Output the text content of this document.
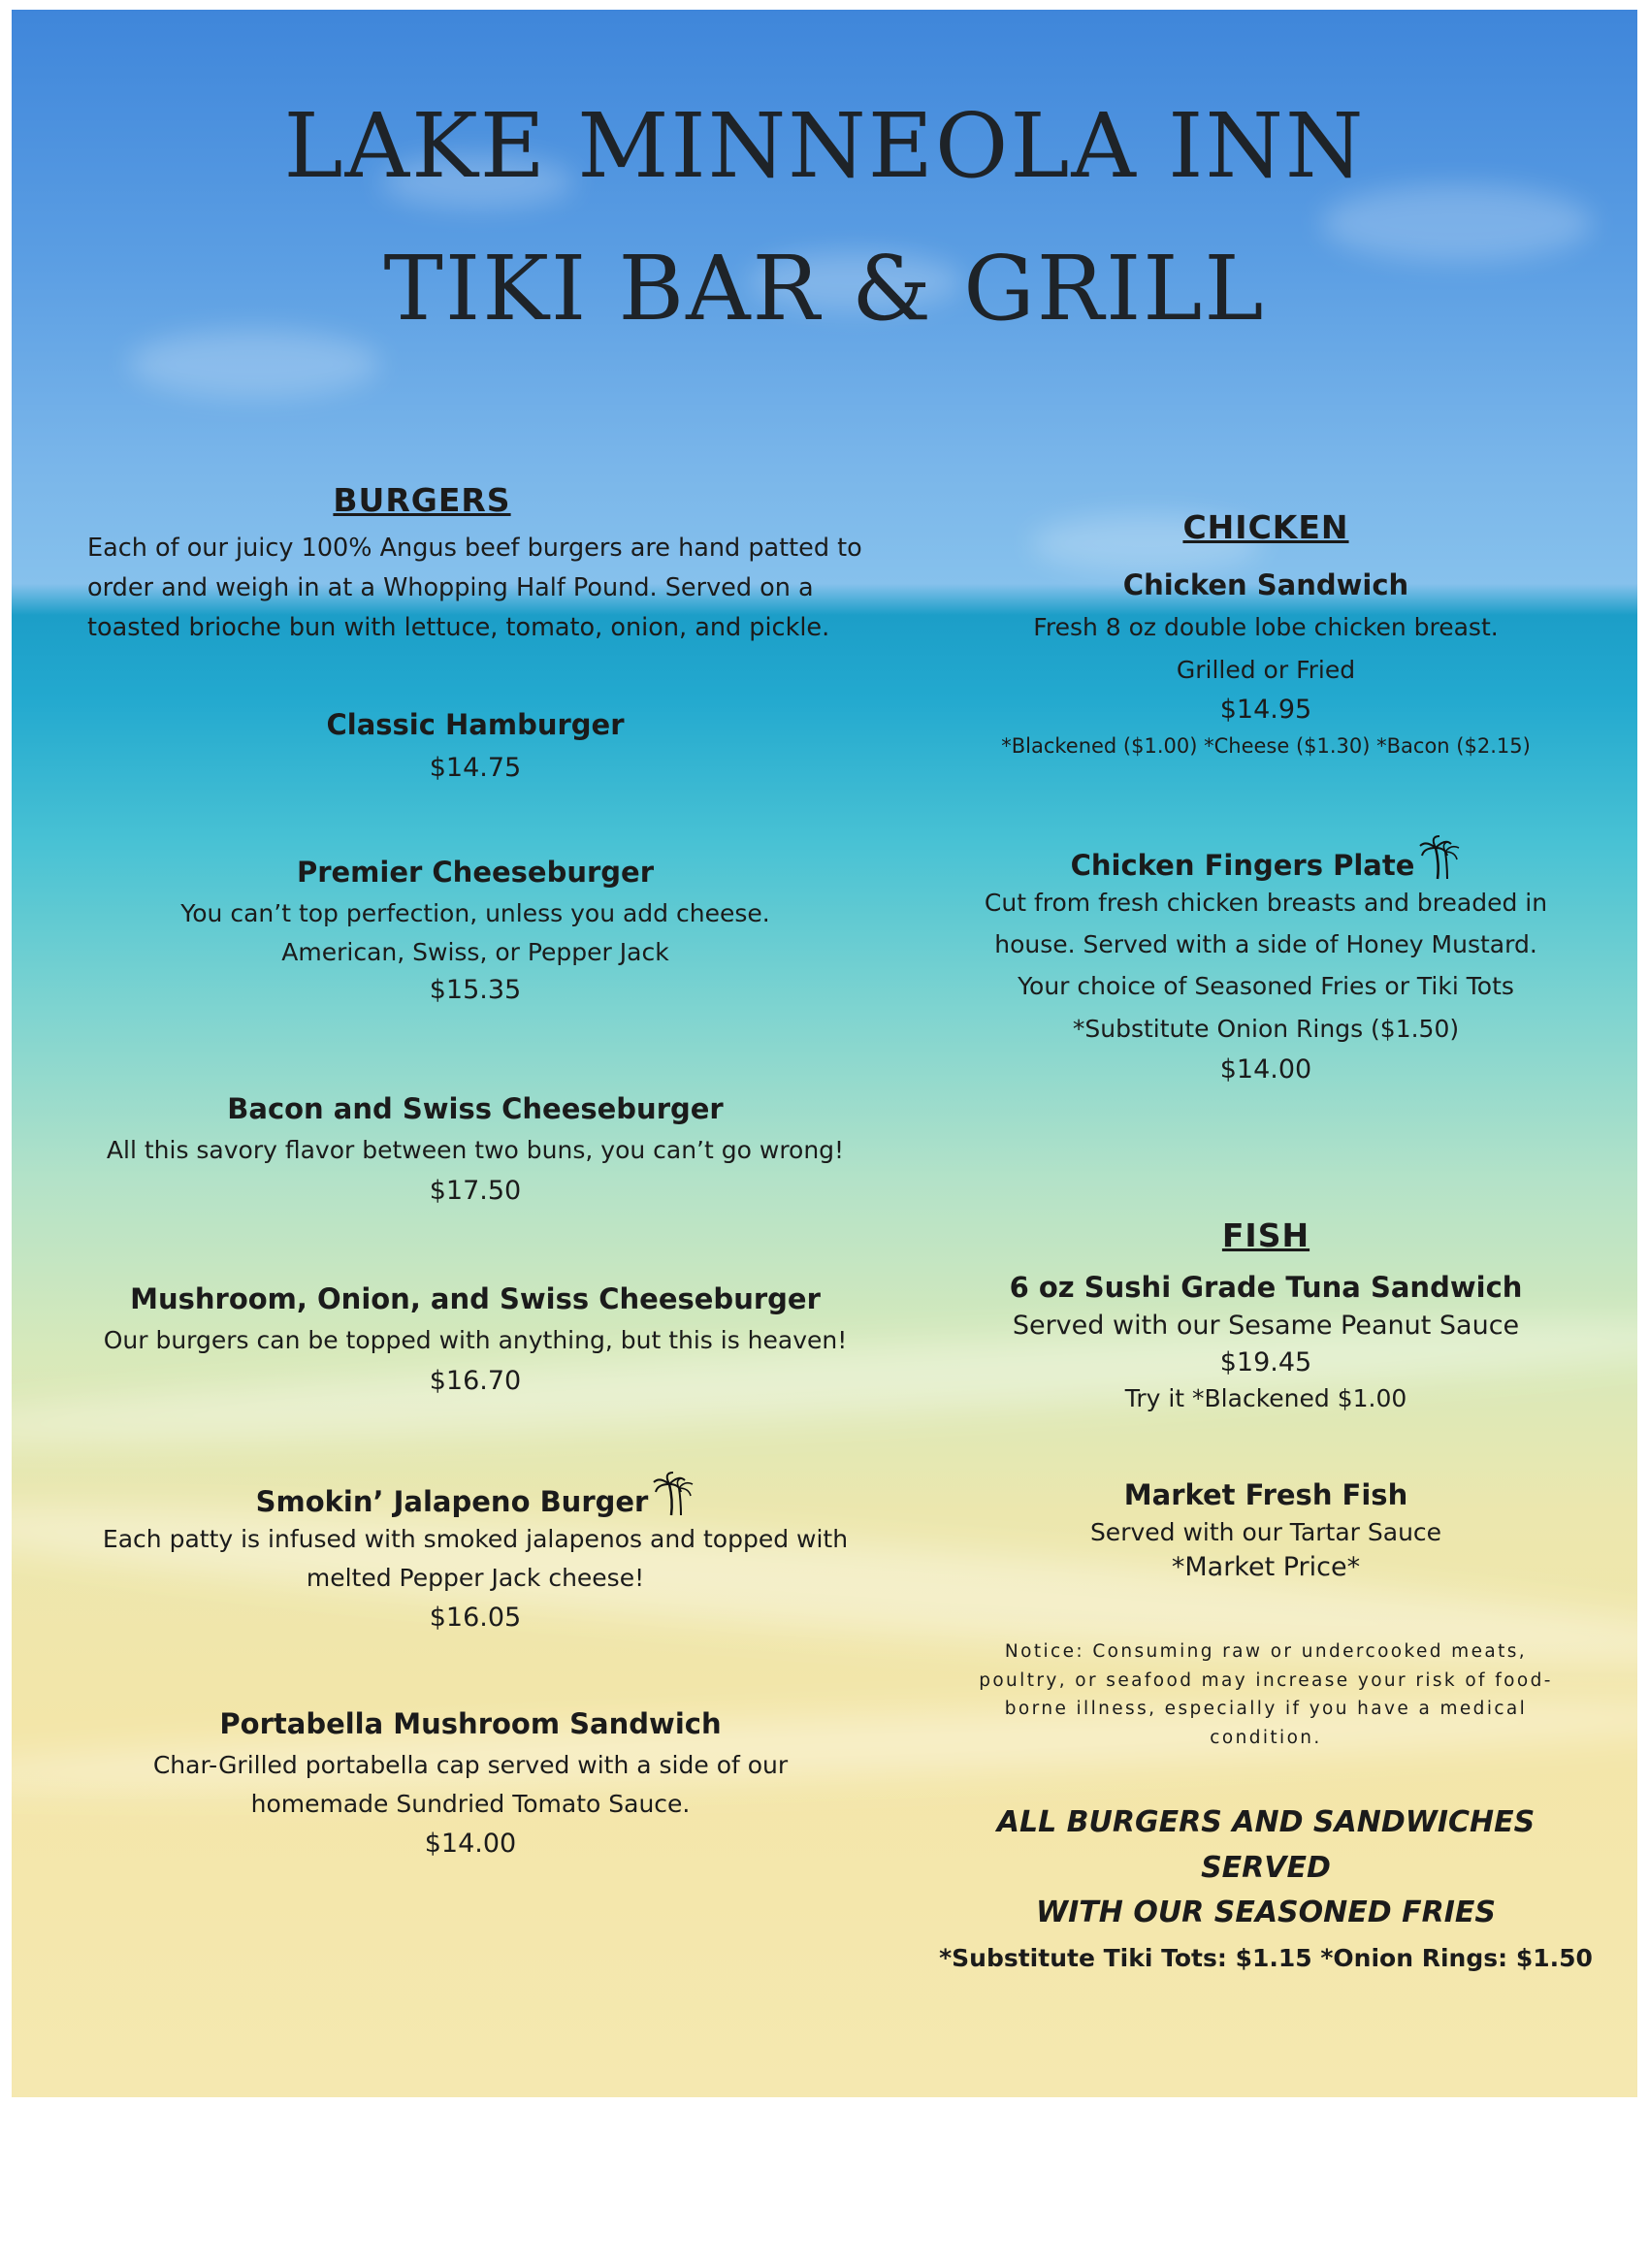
LAKE MINNEOLA INN
TIKI BAR & GRILL
BURGERS
Each of our juicy 100% Angus beef burgers are hand patted to
order and weigh in at a Whopping Half Pound. Served on a
toasted brioche bun with lettuce, tomato, onion, and pickle.
Classic Hamburger
$14.75
Premier Cheeseburger
You can’t top perfection, unless you add cheese.
American, Swiss, or Pepper Jack
$15.35
Bacon and Swiss Cheeseburger
All this savory flavor between two buns, you can’t go wrong!
$17.50
Mushroom, Onion, and Swiss Cheeseburger
Our burgers can be topped with anything, but this is heaven!
$16.70
Smokin’ Jalapeno Burger
Each patty is infused with smoked jalapenos and topped with
melted Pepper Jack cheese!
$16.05
Portabella Mushroom Sandwich
Char-Grilled portabella cap served with a side of our
homemade Sundried Tomato Sauce.
$14.00
CHICKEN
Chicken Sandwich
Fresh 8 oz double lobe chicken breast.
Grilled or Fried
$14.95
*Blackened ($1.00) *Cheese ($1.30) *Bacon ($2.15)
Chicken Fingers Plate
Cut from fresh chicken breasts and breaded in
house. Served with a side of Honey Mustard.
Your choice of Seasoned Fries or Tiki Tots
*Substitute Onion Rings ($1.50)
$14.00
FISH
6 oz Sushi Grade Tuna Sandwich
Served with our Sesame Peanut Sauce
$19.45
Try it *Blackened $1.00
Market Fresh Fish
Served with our Tartar Sauce
*Market Price*
Notice: Consuming raw or undercooked meats,
poultry, or seafood may increase your risk of food-
borne illness, especially if you have a medical
condition.
ALL BURGERS AND SANDWICHES SERVED
WITH OUR SEASONED FRIES
*Substitute Tiki Tots: $1.15 *Onion Rings: $1.50
